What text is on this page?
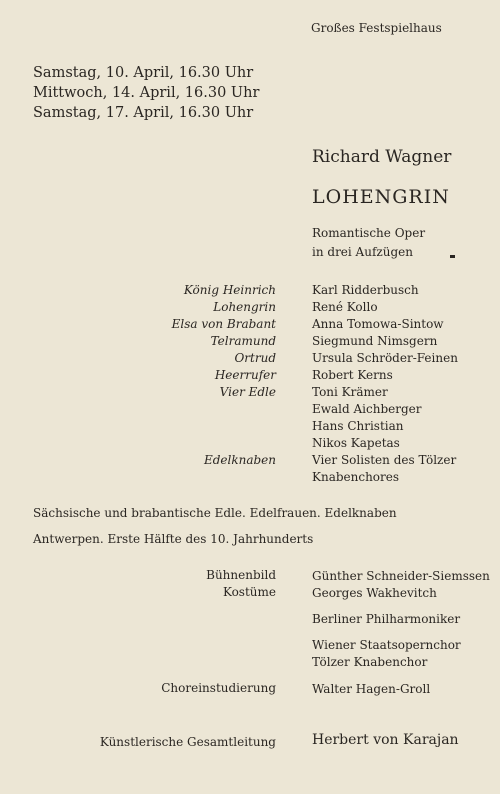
Großes Festspielhaus
Samstag, 10. April, 16.30 Uhr
Mittwoch, 14. April, 16.30 Uhr
Samstag, 17. April, 16.30 Uhr
Richard Wagner
LOHENGRIN
Romantische Oper
in drei Aufzügen
König Heinrich	Karl Ridderbusch
Lohengrin	René Kollo
Elsa von Brabant	Anna Tomowa-Sintow
Telramund	Siegmund Nimsgern
Ortrud	Ursula Schröder-Feinen
Heerrufer	Robert Kerns
Vier Edle	Toni Krämer
Ewald Aichberger
Hans Christian
Nikos Kapetas
Edelknaben	Vier Solisten des Tölzer
Knabenchores
Sächsische und brabantische Edle. Edelfrauen. Edelknaben
Antwerpen. Erste Hälfte des 10. Jahrhunderts
Bühnenbild	Günther Schneider-Siemssen
Kostüme	Georges Wakhevitch
Berliner Philharmoniker
Wiener Staatsopernchor
Tölzer Knabenchor
Choreinstudierung	Walter Hagen-Groll
Künstlerische Gesamtleitung	Herbert von Karajan
